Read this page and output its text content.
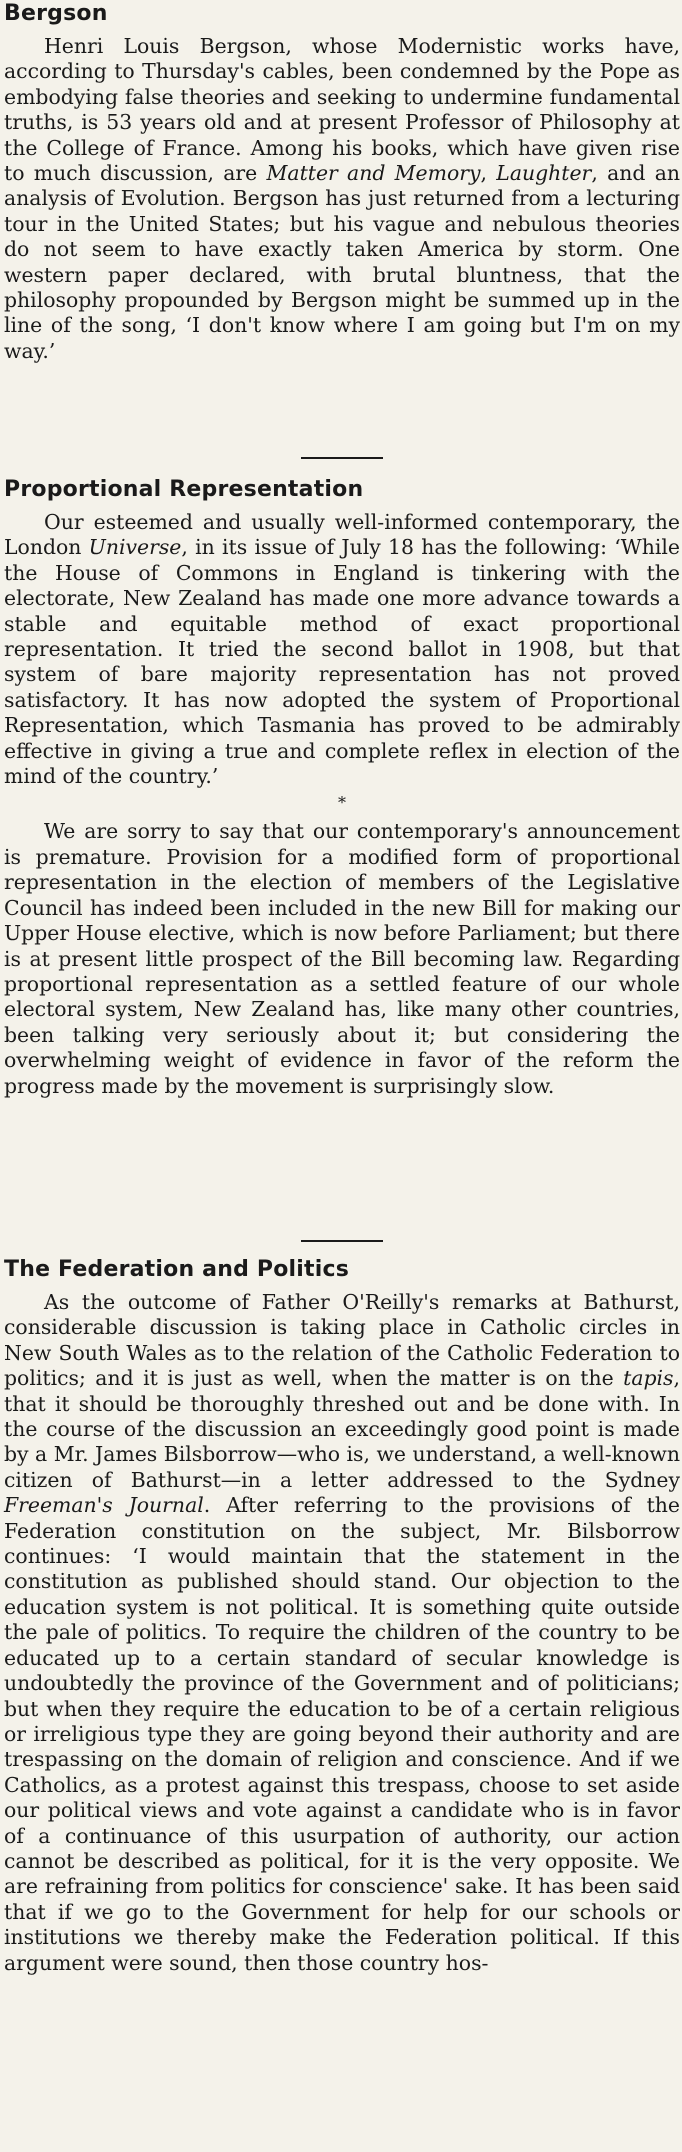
Bergson

Henri Louis Bergson, whose Modernistic works have, according to Thursday's cables, been condemned by the Pope as embodying false theories and seeking to undermine fundamental truths, is 53 years old and at present Professor of Philosophy at the College of France. Among his books, which have given rise to much discussion, are Matter and Memory, Laughter, and an analysis of Evolution. Bergson has just returned from a lecturing tour in the United States; but his vague and nebulous theories do not seem to have exactly taken America by storm. One western paper declared, with brutal bluntness, that the philosophy propounded by Bergson might be summed up in the line of the song, ‘I don't know where I am going but I'm on my way.’

Proportional Representation

Our esteemed and usually well-informed contemporary, the London Universe, in its issue of July 18 has the following: ‘While the House of Commons in England is tinkering with the electorate, New Zealand has made one more advance towards a stable and equitable method of exact proportional representation. It tried the second ballot in 1908, but that system of bare majority representation has not proved satisfactory. It has now adopted the system of Proportional Representation, which Tasmania has proved to be admirably effective in giving a true and complete reflex in election of the mind of the country.’

*

We are sorry to say that our contemporary's announcement is premature. Provision for a modified form of proportional representation in the election of members of the Legislative Council has indeed been included in the new Bill for making our Upper House elective, which is now before Parliament; but there is at present little prospect of the Bill becoming law. Regarding proportional representation as a settled feature of our whole electoral system, New Zealand has, like many other countries, been talking very seriously about it; but considering the overwhelming weight of evidence in favor of the reform the progress made by the movement is surprisingly slow.

The Federation and Politics

As the outcome of Father O'Reilly's remarks at Bathurst, considerable discussion is taking place in Catholic circles in New South Wales as to the relation of the Catholic Federation to politics; and it is just as well, when the matter is on the tapis, that it should be thoroughly threshed out and be done with. In the course of the discussion an exceedingly good point is made by a Mr. James Bilsborrow—who is, we understand, a well-known citizen of Bathurst—in a letter addressed to the Sydney Freeman's Journal. After referring to the provisions of the Federation constitution on the subject, Mr. Bilsborrow continues: ‘I would maintain that the statement in the constitution as published should stand. Our objection to the education system is not political. It is something quite outside the pale of politics. To require the children of the country to be educated up to a certain standard of secular knowledge is undoubtedly the province of the Government and of politicians; but when they require the education to be of a certain religious or irreligious type they are going beyond their authority and are trespassing on the domain of religion and conscience. And if we Catholics, as a protest against this trespass, choose to set aside our political views and vote against a candidate who is in favor of a continuance of this usurpation of authority, our action cannot be described as political, for it is the very opposite. We are refraining from politics for conscience' sake. It has been said that if we go to the Government for help for our schools or institutions we thereby make the Federation political. If this argument were sound, then those country hos-
